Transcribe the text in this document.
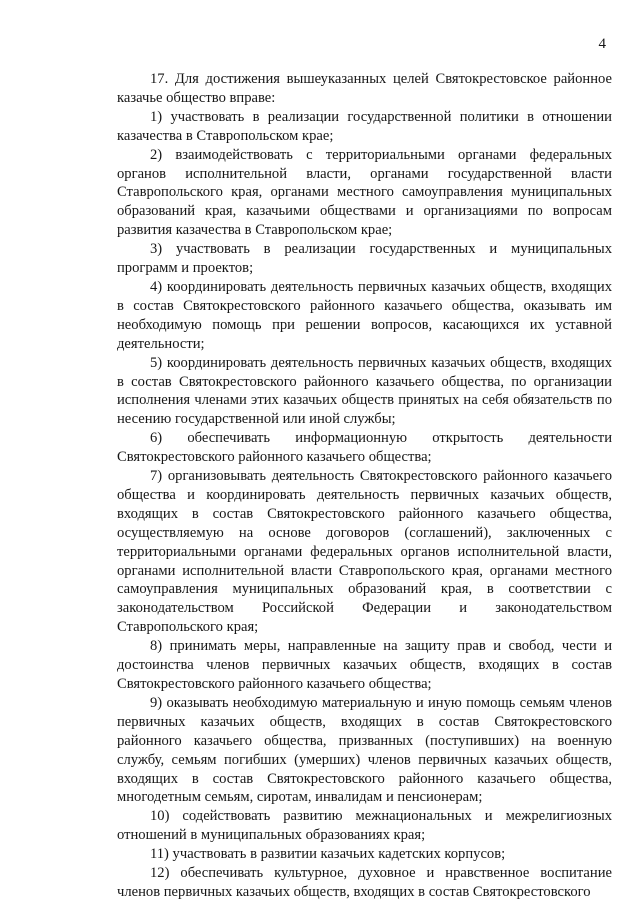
4

17. Для достижения вышеуказанных целей Святокрестовское районное казачье общество вправе:

1) участвовать в реализации государственной политики в отношении казачества в Ставропольском крае;

2) взаимодействовать с территориальными органами федеральных органов исполнительной власти, органами государственной власти Ставропольского края, органами местного самоуправления муниципальных образований края, казачьими обществами и организациями по вопросам развития казачества в Ставропольском крае;

3) участвовать в реализации государственных и муниципальных программ и проектов;

4) координировать деятельность первичных казачьих обществ, входящих в состав Святокрестовского районного казачьего общества, оказывать им необходимую помощь при решении вопросов, касающихся их уставной деятельности;

5) координировать деятельность первичных казачьих обществ, входящих в состав Святокрестовского районного казачьего общества, по организации исполнения членами этих казачьих обществ принятых на себя обязательств по несению государственной или иной службы;

6) обеспечивать информационную открытость деятельности Святокрестовского районного казачьего общества;

7) организовывать деятельность Святокрестовского районного казачьего общества и координировать деятельность первичных казачьих обществ, входящих в состав Святокрестовского районного казачьего общества, осуществляемую на основе договоров (соглашений), заключенных с территориальными органами федеральных органов исполнительной власти, органами исполнительной власти Ставропольского края, органами местного самоуправления муниципальных образований края, в соответствии с законодательством Российской Федерации и законодательством Ставропольского края;

8) принимать меры, направленные на защиту прав и свобод, чести и достоинства членов первичных казачьих обществ, входящих в состав Святокрестовского районного казачьего общества;

9) оказывать необходимую материальную и иную помощь семьям членов первичных казачьих обществ, входящих в состав Святокрестовского районного казачьего общества, призванных (поступивших) на военную службу, семьям погибших (умерших) членов первичных казачьих обществ, входящих в состав Святокрестовского районного казачьего общества, многодетным семьям, сиротам, инвалидам и пенсионерам;

10) содействовать развитию межнациональных и межрелигиозных отношений в муниципальных образованиях края;

11) участвовать в развитии казачьих кадетских корпусов;

12) обеспечивать культурное, духовное и нравственное воспитание членов первичных казачьих обществ, входящих в состав Святокрестовского
